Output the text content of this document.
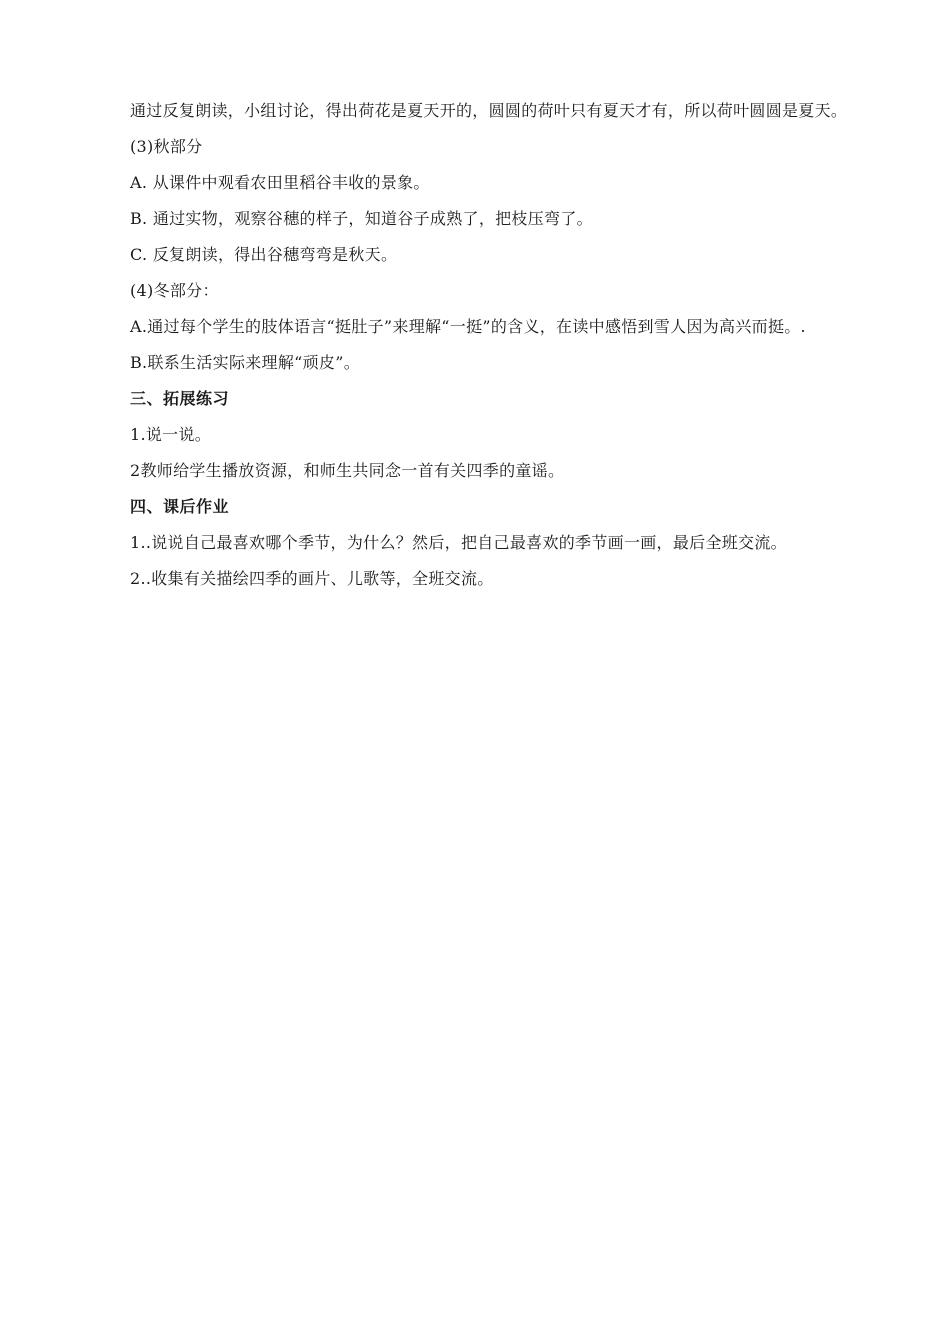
通过反复朗读，小组讨论，得出荷花是夏天开的，圆圆的荷叶只有夏天才有，所以荷叶圆圆是夏天。

(3)秋部分

A. 从课件中观看农田里稻谷丰收的景象。

B. 通过实物，观察谷穗的样子，知道谷子成熟了，把枝压弯了。

C. 反复朗读，得出谷穗弯弯是秋天。

(4)冬部分：

A.通过每个学生的肢体语言“挺肚子”来理解“一挺”的含义，在读中感悟到雪人因为高兴而挺。.

B.联系生活实际来理解“顽皮”。

三、拓展练习

1.说一说。

2教师给学生播放资源，和师生共同念一首有关四季的童谣。

四、课后作业

1..说说自己最喜欢哪个季节，为什么？然后，把自己最喜欢的季节画一画，最后全班交流。

2..收集有关描绘四季的画片、儿歌等，全班交流。
